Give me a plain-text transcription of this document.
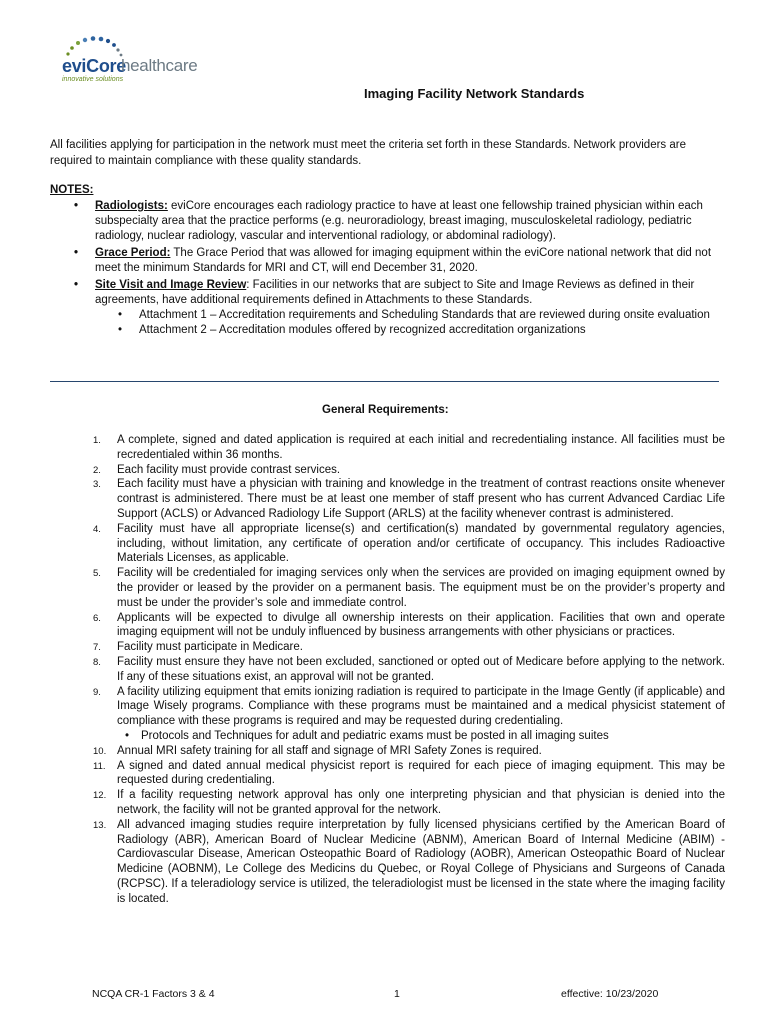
eviCore
healthcare
innovative solutions
Imaging Facility Network Standards
All facilities applying for participation in the network must meet the criteria set forth in these Standards. Network providers are required to maintain compliance with these quality standards.
NOTES:
• Radiologists: eviCore encourages each radiology practice to have at least one fellowship trained physician within each subspecialty area that the practice performs (e.g. neuroradiology, breast imaging, musculoskeletal radiology, pediatric radiology, nuclear radiology, vascular and interventional radiology, or abdominal radiology).
• Grace Period: The Grace Period that was allowed for imaging equipment within the eviCore national network that did not meet the minimum Standards for MRI and CT, will end December 31, 2020.
• Site Visit and Image Review: Facilities in our networks that are subject to Site and Image Reviews as defined in their agreements, have additional requirements defined in Attachments to these Standards.
• Attachment 1 – Accreditation requirements and Scheduling Standards that are reviewed during onsite evaluation
• Attachment 2 – Accreditation modules offered by recognized accreditation organizations
General Requirements:
1. A complete, signed and dated application is required at each initial and recredentialing instance. All facilities must be recredentialed within 36 months.
2. Each facility must provide contrast services.
3. Each facility must have a physician with training and knowledge in the treatment of contrast reactions onsite whenever contrast is administered. There must be at least one member of staff present who has current Advanced Cardiac Life Support (ACLS) or Advanced Radiology Life Support (ARLS) at the facility whenever contrast is administered.
4. Facility must have all appropriate license(s) and certification(s) mandated by governmental regulatory agencies, including, without limitation, any certificate of operation and/or certificate of occupancy. This includes Radioactive Materials Licenses, as applicable.
5. Facility will be credentialed for imaging services only when the services are provided on imaging equipment owned by the provider or leased by the provider on a permanent basis. The equipment must be on the provider’s property and must be under the provider’s sole and immediate control.
6. Applicants will be expected to divulge all ownership interests on their application. Facilities that own and operate imaging equipment will not be unduly influenced by business arrangements with other physicians or practices.
7. Facility must participate in Medicare.
8. Facility must ensure they have not been excluded, sanctioned or opted out of Medicare before applying to the network. If any of these situations exist, an approval will not be granted.
9. A facility utilizing equipment that emits ionizing radiation is required to participate in the Image Gently (if applicable) and Image Wisely programs. Compliance with these programs must be maintained and a medical physicist statement of compliance with these programs is required and may be requested during credentialing.
• Protocols and Techniques for adult and pediatric exams must be posted in all imaging suites
10. Annual MRI safety training for all staff and signage of MRI Safety Zones is required.
11. A signed and dated annual medical physicist report is required for each piece of imaging equipment. This may be requested during credentialing.
12. If a facility requesting network approval has only one interpreting physician and that physician is denied into the network, the facility will not be granted approval for the network.
13. All advanced imaging studies require interpretation by fully licensed physicians certified by the American Board of Radiology (ABR), American Board of Nuclear Medicine (ABNM), American Board of Internal Medicine (ABIM) - Cardiovascular Disease, American Osteopathic Board of Radiology (AOBR), American Osteopathic Board of Nuclear Medicine (AOBNM), Le College des Medicins du Quebec, or Royal College of Physicians and Surgeons of Canada (RCPSC). If a teleradiology service is utilized, the teleradiologist must be licensed in the state where the imaging facility is located.
NCQA CR-1 Factors 3 & 4	1	effective: 10/23/2020
